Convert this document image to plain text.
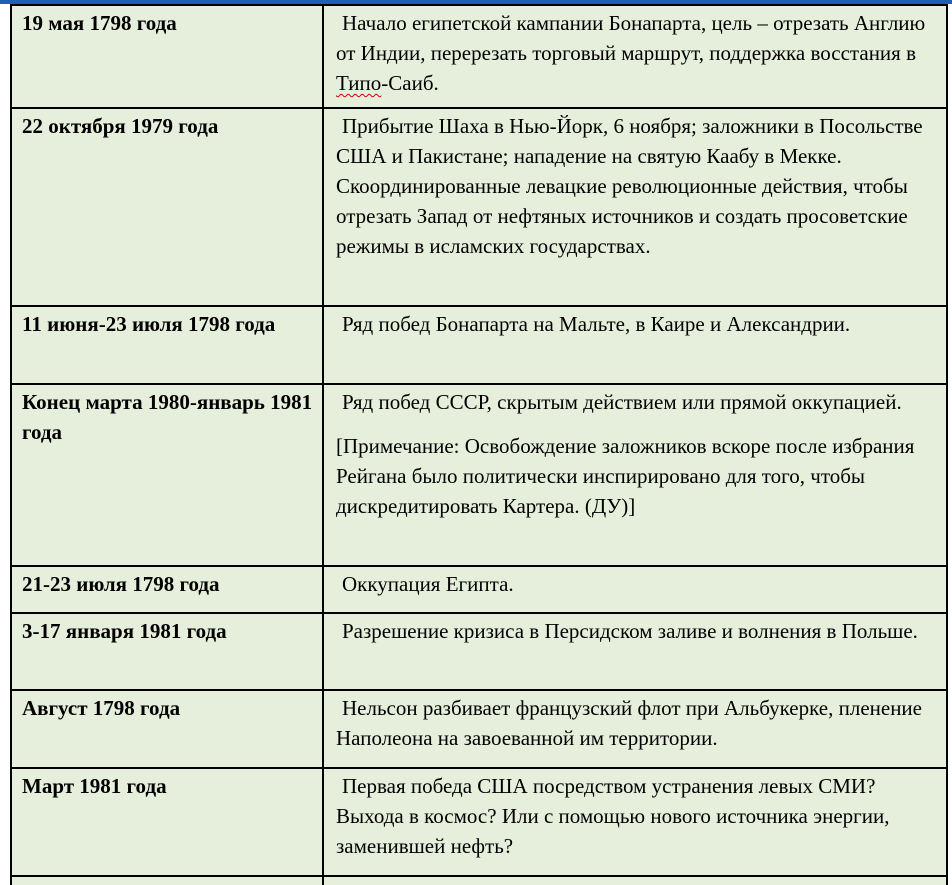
19 мая 1798 года	Начало египетской кампании Бонапарта, цель – отрезать Англию от Индии, перерезать торговый маршрут, поддержка восстания в Типо-Саиб.

22 октября 1979 года	Прибытие Шаха в Нью-Йорк, 6 ноября; заложники в Посольстве США и Пакистане; нападение на святую Каабу в Мекке. Скоординированные левацкие революционные действия, чтобы отрезать Запад от нефтяных источников и создать просоветские режимы в исламских государствах.

11 июня-23 июля 1798 года	Ряд побед Бонапарта на Мальте, в Каире и Александрии.

Конец марта 1980-январь 1981 года	Ряд побед СССР, скрытым действием или прямой оккупацией.
[Примечание: Освобождение заложников вскоре после избрания Рейгана было политически инспирировано для того, чтобы дискредитировать Картера. (ДУ)]

21-23 июля 1798 года	Оккупация Египта.

3-17 января 1981 года	Разрешение кризиса в Персидском заливе и волнения в Польше.

Август 1798 года	Нельсон разбивает французский флот при Альбукерке, пленение Наполеона на завоеванной им территории.

Март 1981 года	Первая победа США посредством устранения левых СМИ? Выхода в космос? Или с помощью нового источника энергии, заменившей нефть?
